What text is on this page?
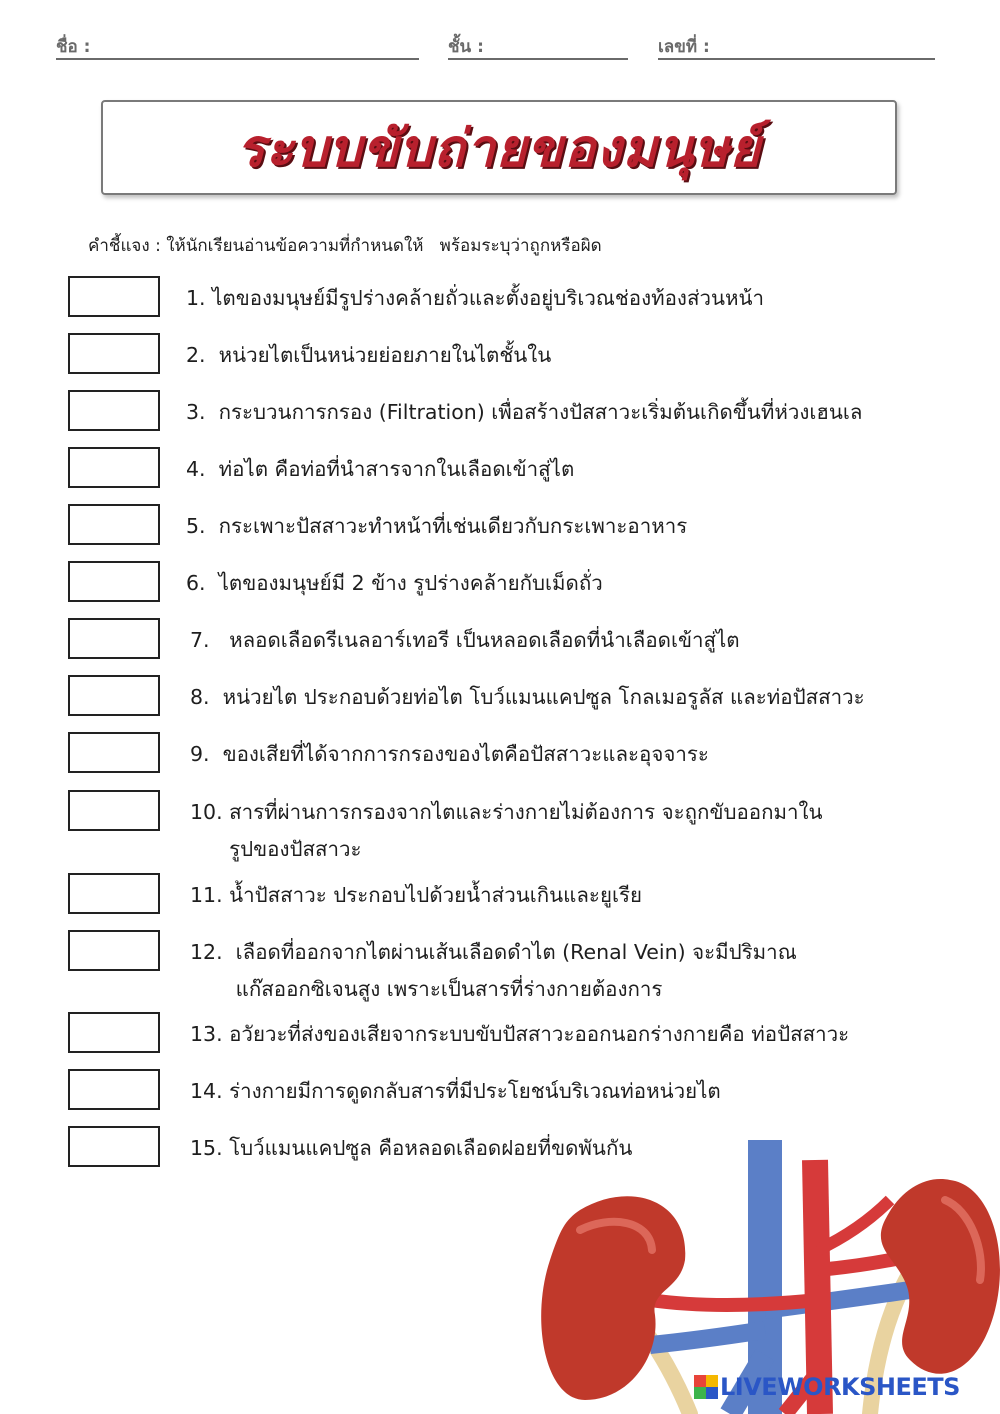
ชื่อ :	ชั้น :	เลขที่ :
ระบบขับถ่ายของมนุษย์
คำชี้แจง : ให้นักเรียนอ่านข้อความที่กำหนดให้   พร้อมระบุว่าถูกหรือผิด
1. ไตของมนุษย์มีรูปร่างคล้ายถั่วและตั้งอยู่บริเวณช่องท้องส่วนหน้า
2.  หน่วยไตเป็นหน่วยย่อยภายในไตชั้นใน
3.  กระบวนการกรอง (Filtration) เพื่อสร้างปัสสาวะเริ่มต้นเกิดขึ้นที่ห่วงเฮนเล
4.  ท่อไต คือท่อที่นำสารจากในเลือดเข้าสู่ไต
5.  กระเพาะปัสสาวะทำหน้าที่เช่นเดียวกับกระเพาะอาหาร
6.  ไตของมนุษย์มี 2 ข้าง รูปร่างคล้ายกับเม็ดถั่ว
7.   หลอดเลือดรีเนลอาร์เทอรี เป็นหลอดเลือดที่นำเลือดเข้าสู่ไต
8.  หน่วยไต ประกอบด้วยท่อไต โบว์แมนแคปซูล โกลเมอรูลัส และท่อปัสสาวะ
9.  ของเสียที่ได้จากการกรองของไตคือปัสสาวะและอุจจาระ
10. สารที่ผ่านการกรองจากไตและร่างกายไม่ต้องการ จะถูกขับออกมาใน
รูปของปัสสาวะ
11. น้ำปัสสาวะ ประกอบไปด้วยน้ำส่วนเกินและยูเรีย
12.  เลือดที่ออกจากไตผ่านเส้นเลือดดำไต (Renal Vein) จะมีปริมาณ
แก๊สออกซิเจนสูง เพราะเป็นสารที่ร่างกายต้องการ
13. อวัยวะที่ส่งของเสียจากระบบขับปัสสาวะออกนอกร่างกายคือ ท่อปัสสาวะ
14. ร่างกายมีการดูดกลับสารที่มีประโยชน์บริเวณท่อหน่วยไต
15. โบว์แมนแคปซูล คือหลอดเลือดฝอยที่ขดพันกัน
LIVEWORKSHEETS
